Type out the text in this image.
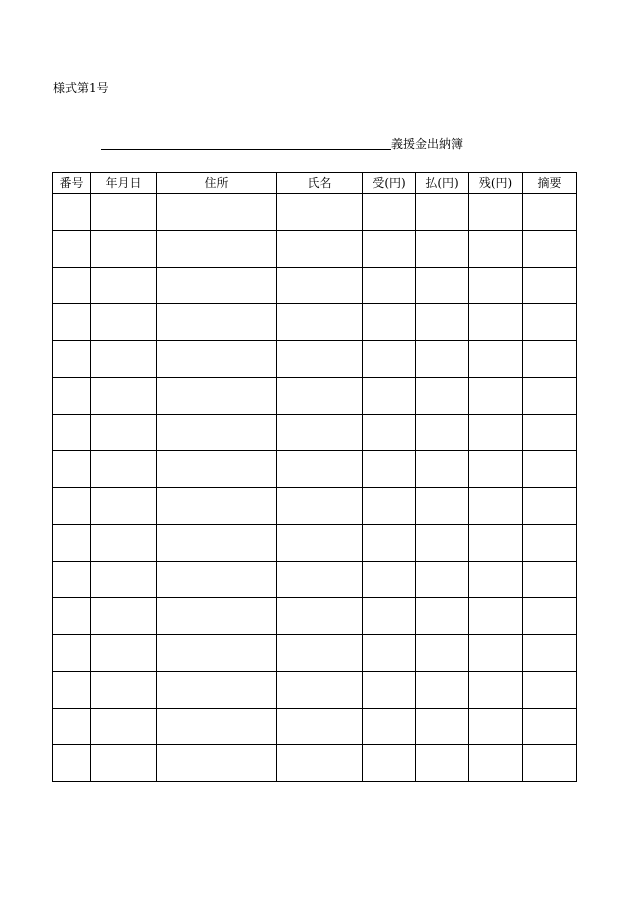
様式第1号
義援金出納簿
番号	年月日	住所	氏名	受(円)	払(円)	残(円)	摘要
